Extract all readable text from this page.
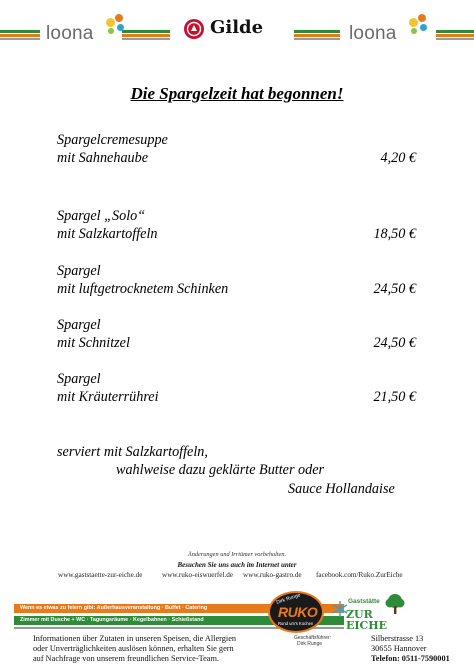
loona	Gilde	loona
Die Spargelzeit hat begonnen!
Spargelcremesuppe
mit Sahnehaube	4,20 €
Spargel „Solo“
mit Salzkartoffeln	18,50 €
Spargel
mit luftgetrocknetem Schinken	24,50 €
Spargel
mit Schnitzel	24,50 €
Spargel
mit Kräuterrührei	21,50 €
serviert mit Salzkartoffeln,
wahlweise dazu geklärte Butter oder
Sauce Hollandaise
Änderungen und Irrtümer vorbehalten.
Besuchen Sie uns auch im Internet unter
www.gaststaette-zur-eiche.de	www.ruko-eiswuerfel.de www.ruko-gastro.de facebook.com/Ruko.ZurEiche
Wenn es etwas zu feiern gibt: Außerhausveranstaltung · Buffet · Catering
Zimmer mit Dusche + WC · Tagungsräume · Kegelbahnen · Schießstand
Dirk Runge
RUKO
Rund um's Kochen
Geschäftsführer:
Dirk Runge
Gaststätte
ZUR EICHE
Informationen über Zutaten in unseren Speisen, die Allergien
oder Unverträglichkeiten auslösen können, erhalten Sie gern
auf Nachfrage von unserem freundlichen Service-Team.
Silberstrasse 13
30655 Hannover
Telefon: 0511-7590001
